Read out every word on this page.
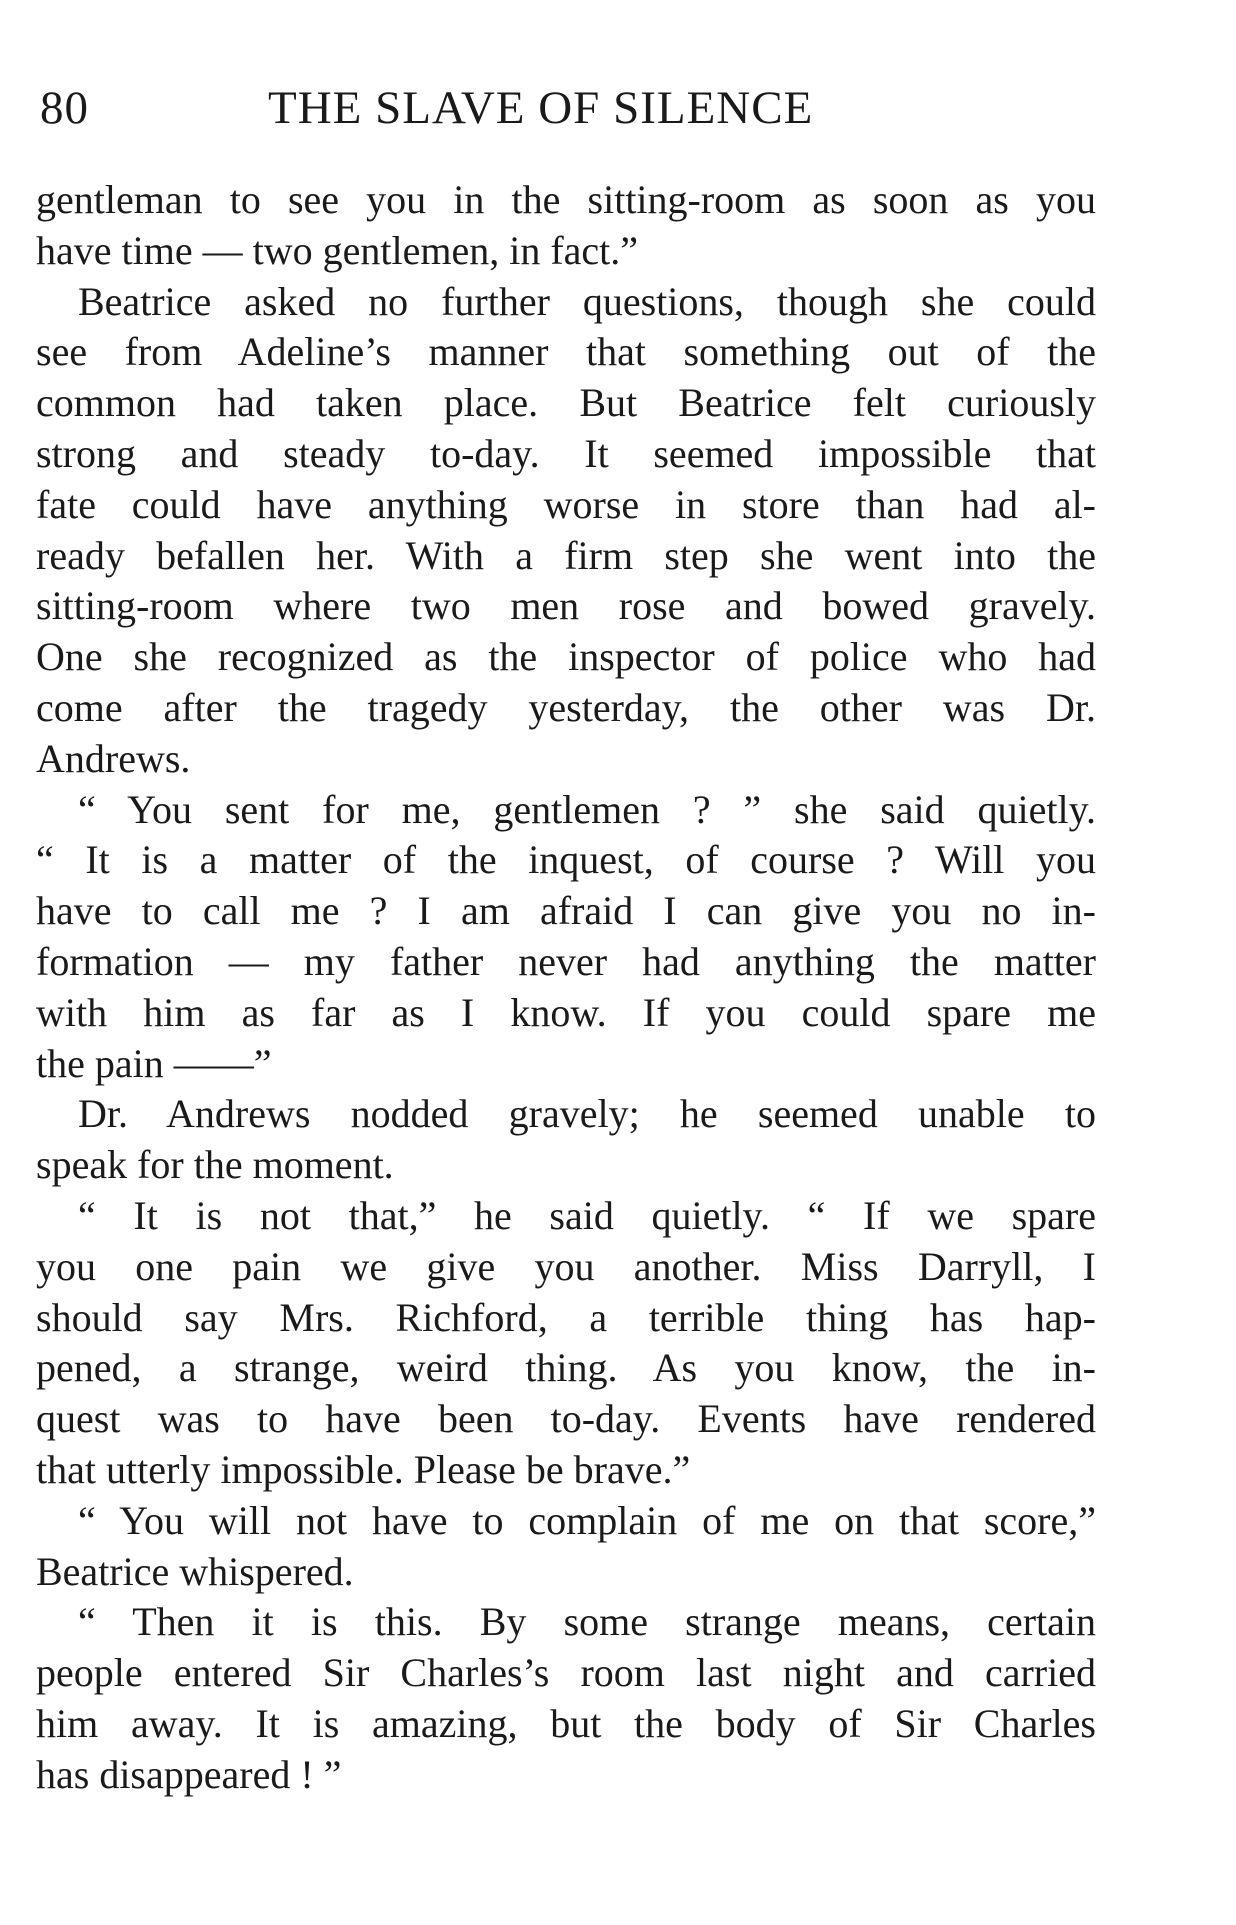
80	THE SLAVE OF SILENCE
gentleman to see you in the sitting-room as soon as you
have time — two gentlemen, in fact.”
Beatrice asked no further questions, though she could
see from Adeline’s manner that something out of the
common had taken place. But Beatrice felt curiously
strong and steady to-day. It seemed impossible that
fate could have anything worse in store than had al-
ready befallen her. With a firm step she went into the
sitting-room where two men rose and bowed gravely.
One she recognized as the inspector of police who had
come after the tragedy yesterday, the other was Dr.
Andrews.
“ You sent for me, gentlemen ? ” she said quietly.
“ It is a matter of the inquest, of course ? Will you
have to call me ? I am afraid I can give you no in-
formation — my father never had anything the matter
with him as far as I know. If you could spare me
the pain ——”
Dr. Andrews nodded gravely; he seemed unable to
speak for the moment.
“ It is not that,” he said quietly. “ If we spare
you one pain we give you another. Miss Darryll, I
should say Mrs. Richford, a terrible thing has hap-
pened, a strange, weird thing. As you know, the in-
quest was to have been to-day. Events have rendered
that utterly impossible. Please be brave.”
“ You will not have to complain of me on that score,”
Beatrice whispered.
“ Then it is this. By some strange means, certain
people entered Sir Charles’s room last night and carried
him away. It is amazing, but the body of Sir Charles
has disappeared ! ”
